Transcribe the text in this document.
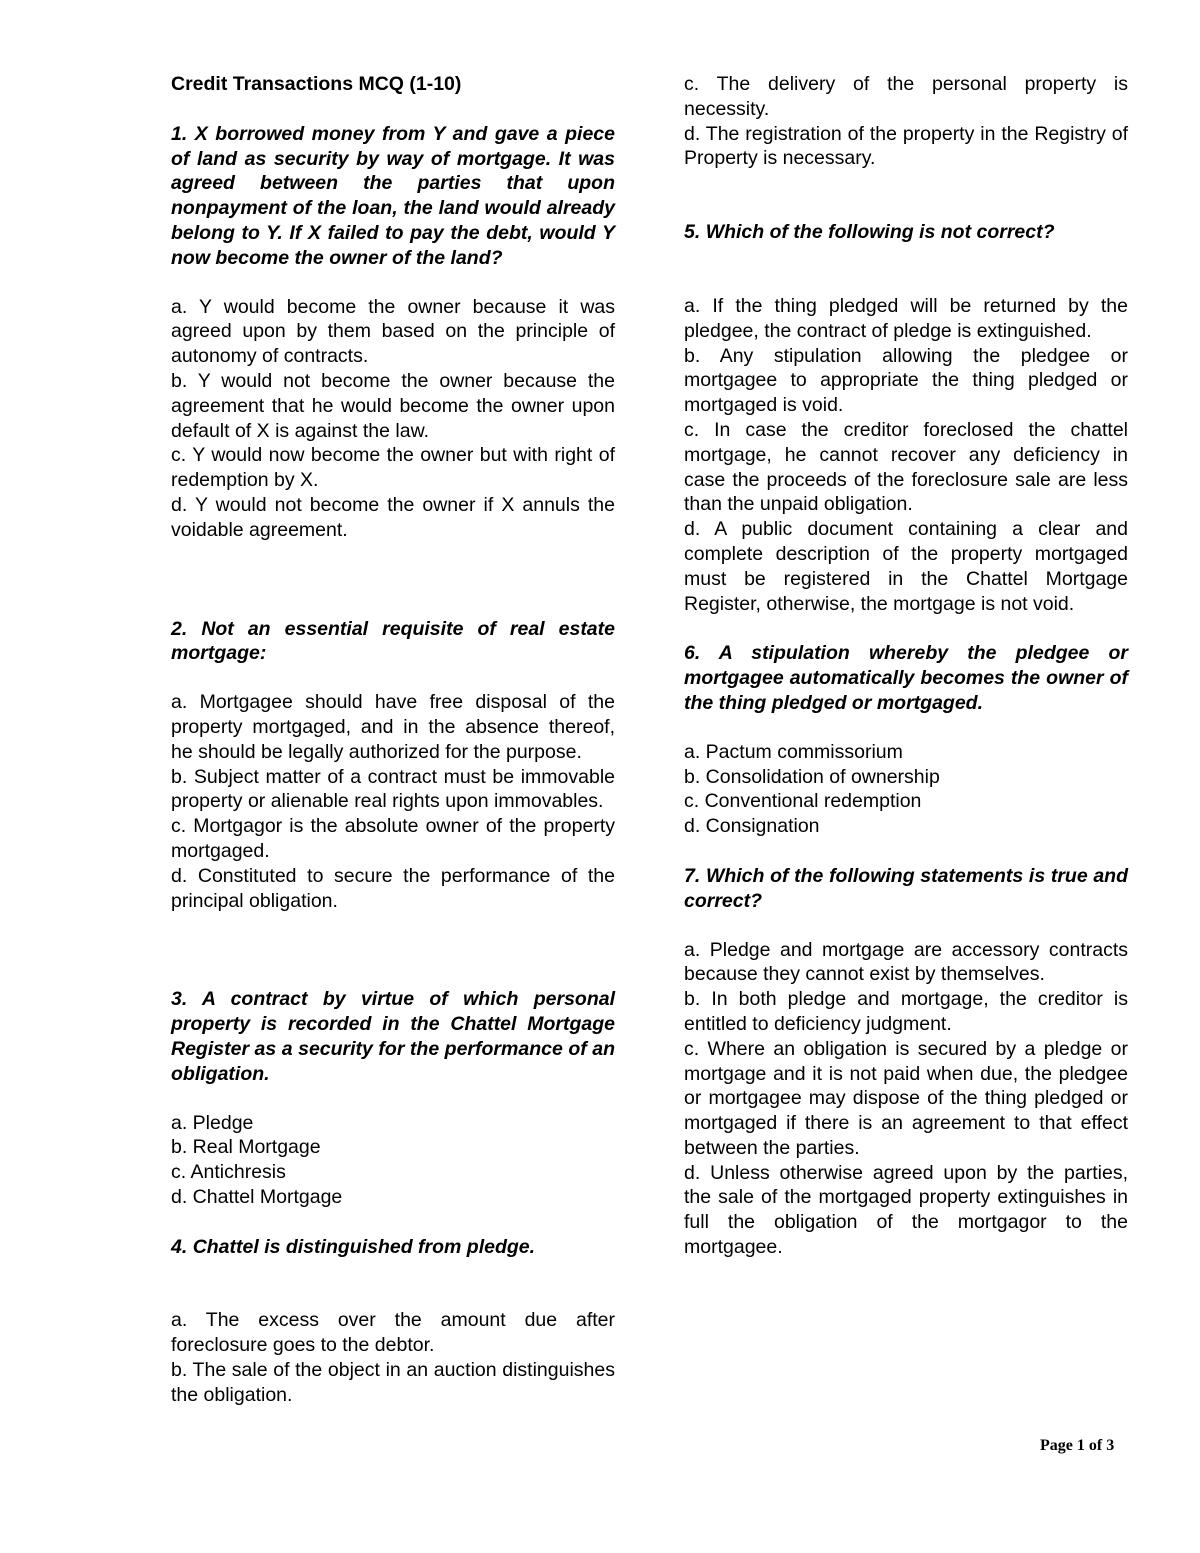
Credit Transactions MCQ (1-10)
1. X borrowed money from Y and gave a piece of land as security by way of mortgage. It was agreed between the parties that upon nonpayment of the loan, the land would already belong to Y. If X failed to pay the debt, would Y now become the owner of the land?
a. Y would become the owner because it was agreed upon by them based on the principle of autonomy of contracts.
b. Y would not become the owner because the agreement that he would become the owner upon default of X is against the law.
c. Y would now become the owner but with right of redemption by X.
d. Y would not become the owner if X annuls the voidable agreement.
2. Not an essential requisite of real estate mortgage:
a. Mortgagee should have free disposal of the property mortgaged, and in the absence thereof, he should be legally authorized for the purpose.
b. Subject matter of a contract must be immovable property or alienable real rights upon immovables.
c. Mortgagor is the absolute owner of the property mortgaged.
d. Constituted to secure the performance of the principal obligation.
3. A contract by virtue of which personal property is recorded in the Chattel Mortgage Register as a security for the performance of an obligation.
a. Pledge
b. Real Mortgage
c. Antichresis
d. Chattel Mortgage
4. Chattel is distinguished from pledge.
a. The excess over the amount due after foreclosure goes to the debtor.
b. The sale of the object in an auction distinguishes the obligation.
c. The delivery of the personal property is necessity.
d. The registration of the property in the Registry of Property is necessary.
5. Which of the following is not correct?
a. If the thing pledged will be returned by the pledgee, the contract of pledge is extinguished.
b. Any stipulation allowing the pledgee or mortgagee to appropriate the thing pledged or mortgaged is void.
c. In case the creditor foreclosed the chattel mortgage, he cannot recover any deficiency in case the proceeds of the foreclosure sale are less than the unpaid obligation.
d. A public document containing a clear and complete description of the property mortgaged must be registered in the Chattel Mortgage Register, otherwise, the mortgage is not void.
6. A stipulation whereby the pledgee or mortgagee automatically becomes the owner of the thing pledged or mortgaged.
a. Pactum commissorium
b. Consolidation of ownership
c. Conventional redemption
d. Consignation
7. Which of the following statements is true and correct?
a. Pledge and mortgage are accessory contracts because they cannot exist by themselves.
b. In both pledge and mortgage, the creditor is entitled to deficiency judgment.
c. Where an obligation is secured by a pledge or mortgage and it is not paid when due, the pledgee or mortgagee may dispose of the thing pledged or mortgaged if there is an agreement to that effect between the parties.
d. Unless otherwise agreed upon by the parties, the sale of the mortgaged property extinguishes in full the obligation of the mortgagor to the mortgagee.
Page 1 of 3
